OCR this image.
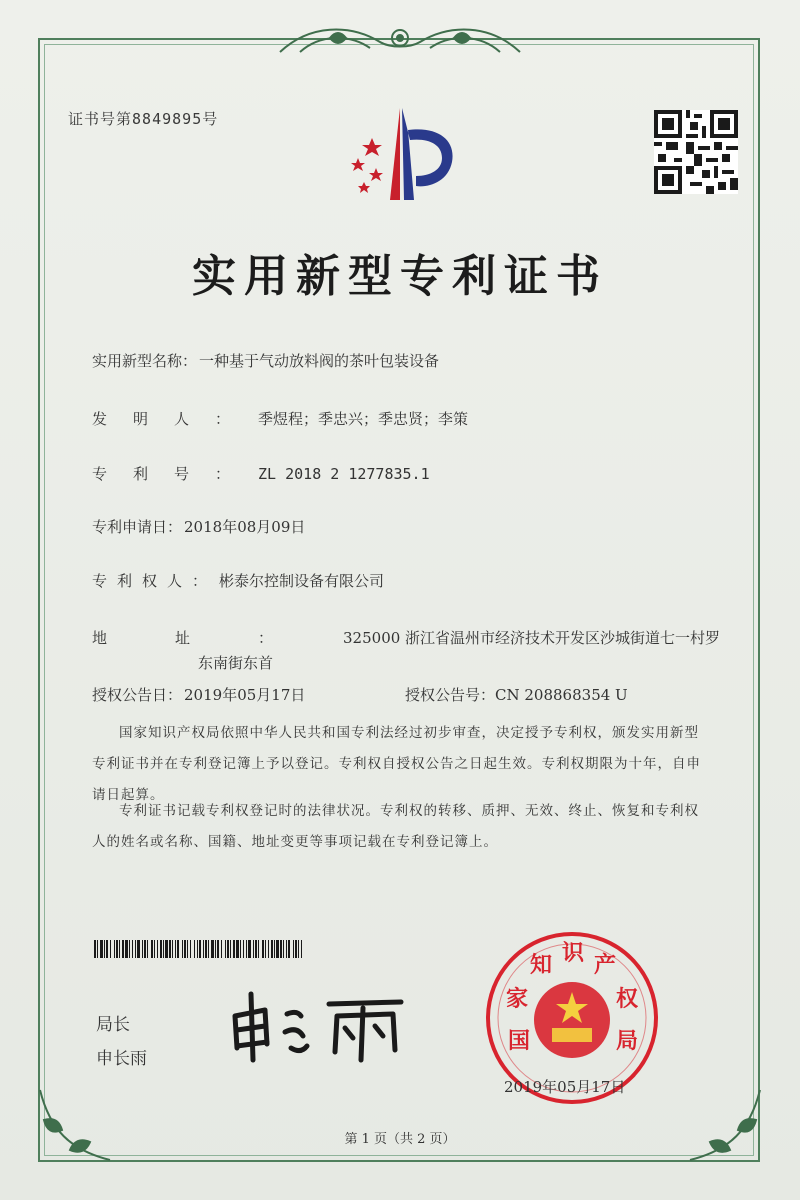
证书号第8849895号
实用新型专利证书
实用新型名称： 一种基于气动放料阀的茶叶包装设备
发明人： 季煜程；季忠兴；季忠贤；李策
专利号： ZL 2018 2 1277835.1
专利申请日： 2018年08月09日
专利权人： 彬泰尔控制设备有限公司
地址： 325000 浙江省温州市经济技术开发区沙城街道七一村罗
东南街东首
授权公告日： 2019年05月17日	授权公告号：CN 208868354 U
国家知识产权局依照中华人民共和国专利法经过初步审查，决定授予专利权，颁发实用新型专利证书并在专利登记簿上予以登记。专利权自授权公告之日起生效。专利权期限为十年，自申请日起算。
专利证书记载专利权登记时的法律状况。专利权的转移、质押、无效、终止、恢复和专利权人的姓名或名称、国籍、地址变更等事项记载在专利登记簿上。
局长
申长雨
国
家
知 识 产
权
局
2019年05月17日
第 1 页（共 2 页）
